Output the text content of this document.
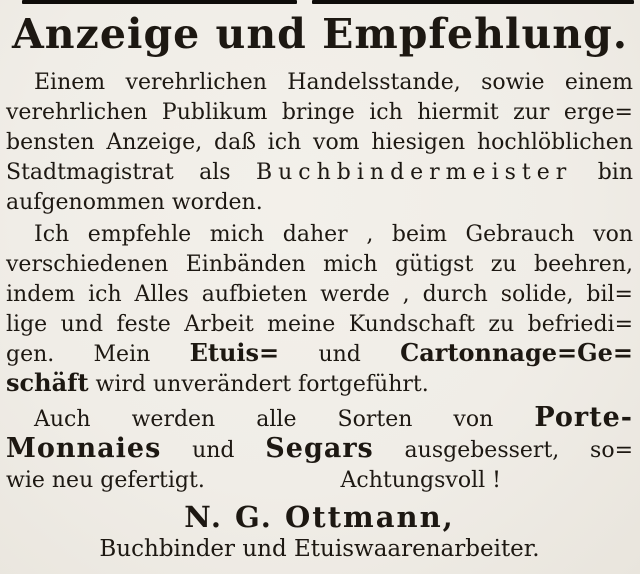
Anzeige und Empfehlung.

Einem verehrlichen Handelsstande, sowie einem

verehrlichen Publikum bringe ich hiermit zur erge=

bensten Anzeige, daß ich vom hiesigen hochlöblichen

Stadtmagistrat als Buchbindermeister bin

aufgenommen worden.

Ich empfehle mich daher , beim Gebrauch von

verschiedenen Einbänden mich gütigst zu beehren,

indem ich Alles aufbieten werde , durch solide, bil=

lige und feste Arbeit meine Kundschaft zu befriedi=

gen. Mein Etuis= und Cartonnage=Ge=

schäft wird unverändert fortgeführt.

Auch werden alle Sorten von Porte-

Monnaies und Segars ausgebessert, so=

wie neu gefertigt.	Achtungsvoll !

N. G. Ottmann,

Buchbinder und Etuiswaarenarbeiter.
